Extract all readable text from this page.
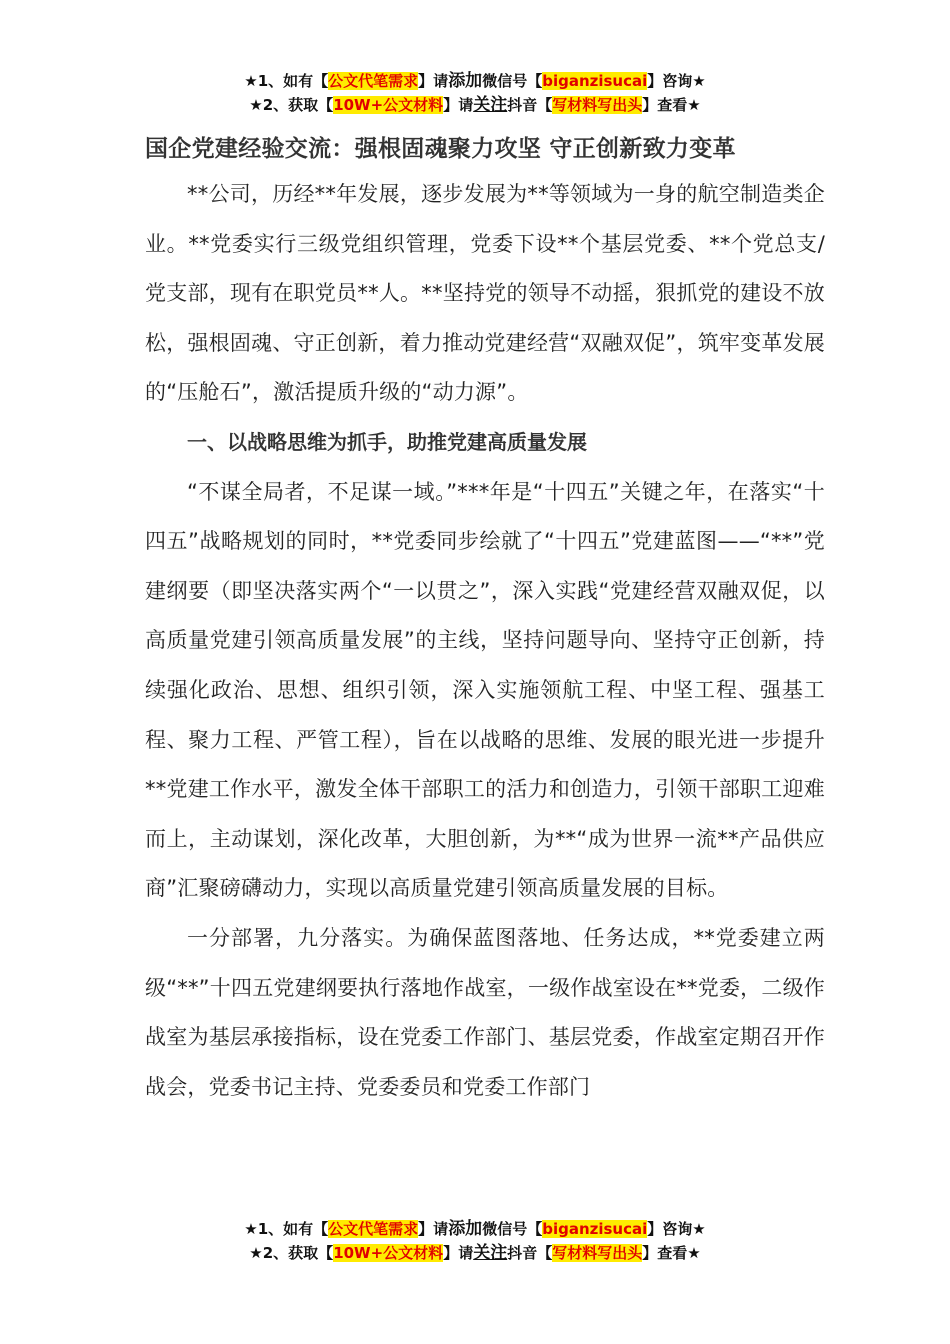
★1、如有【公文代笔需求】请添加微信号【biganzisucai】咨询★
★2、获取【10W+公文材料】请关注抖音【写材料写出头】查看★
国企党建经验交流：强根固魂聚力攻坚 守正创新致力变革

**公司，历经**年发展，逐步发展为**等领域为一身的航空制造类企业。**党委实行三级党组织管理，党委下设**个基层党委、**个党总支/党支部，现有在职党员**人。**坚持党的领导不动摇，狠抓党的建设不放松，强根固魂、守正创新，着力推动党建经营“双融双促”，筑牢变革发展的“压舱石”，激活提质升级的“动力源”。

一、以战略思维为抓手，助推党建高质量发展

“不谋全局者，不足谋一域。”***年是“十四五”关键之年，在落实“十四五”战略规划的同时，**党委同步绘就了“十四五”党建蓝图——“**”党建纲要（即坚决落实两个“一以贯之”，深入实践“党建经营双融双促，以高质量党建引领高质量发展”的主线，坚持问题导向、坚持守正创新，持续强化政治、思想、组织引领，深入实施领航工程、中坚工程、强基工程、聚力工程、严管工程），旨在以战略的思维、发展的眼光进一步提升**党建工作水平，激发全体干部职工的活力和创造力，引领干部职工迎难而上，主动谋划，深化改革，大胆创新，为**“成为世界一流**产品供应商”汇聚磅礴动力，实现以高质量党建引领高质量发展的目标。

一分部署，九分落实。为确保蓝图落地、任务达成，**党委建立两级“**”十四五党建纲要执行落地作战室，一级作战室设在**党委，二级作战室为基层承接指标，设在党委工作部门、基层党委，作战室定期召开作战会，党委书记主持、党委委员和党委工作部门

★1、如有【公文代笔需求】请添加微信号【biganzisucai】咨询★
★2、获取【10W+公文材料】请关注抖音【写材料写出头】查看★
